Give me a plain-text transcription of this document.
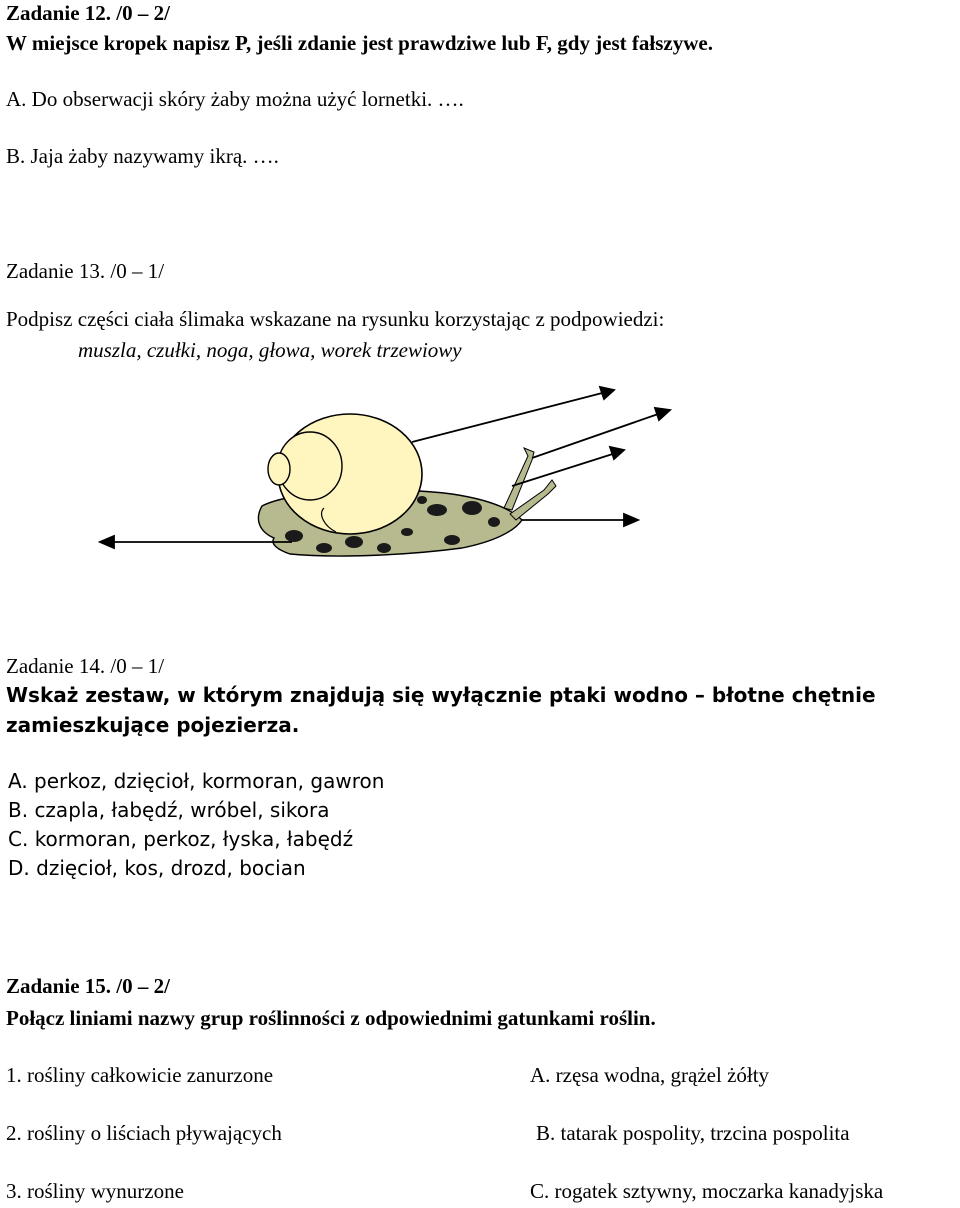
Zadanie 12. /0 – 2/
W miejsce kropek napisz P, jeśli zdanie jest prawdziwe lub F, gdy jest fałszywe.
A. Do obserwacji skóry żaby można użyć lornetki. ….
B. Jaja żaby nazywamy ikrą. ….
Zadanie 13. /0 – 1/
Podpisz części ciała ślimaka wskazane na rysunku korzystając z podpowiedzi:
muszla, czułki, noga, głowa, worek trzewiowy
Zadanie 14. /0 – 1/
Wskaż zestaw, w którym znajdują się wyłącznie ptaki wodno – błotne chętnie
zamieszkujące pojezierza.
A. perkoz, dzięcioł, kormoran, gawron
B. czapla, łabędź, wróbel, sikora
C. kormoran, perkoz, łyska, łabędź
D. dzięcioł, kos, drozd, bocian
Zadanie 15. /0 – 2/
Połącz liniami nazwy grup roślinności z odpowiednimi gatunkami roślin.
1. rośliny całkowicie zanurzone	A. rzęsa wodna, grążel żółty
2. rośliny o liściach pływających	B. tatarak pospolity, trzcina pospolita
3. rośliny wynurzone	C. rogatek sztywny, moczarka kanadyjska
